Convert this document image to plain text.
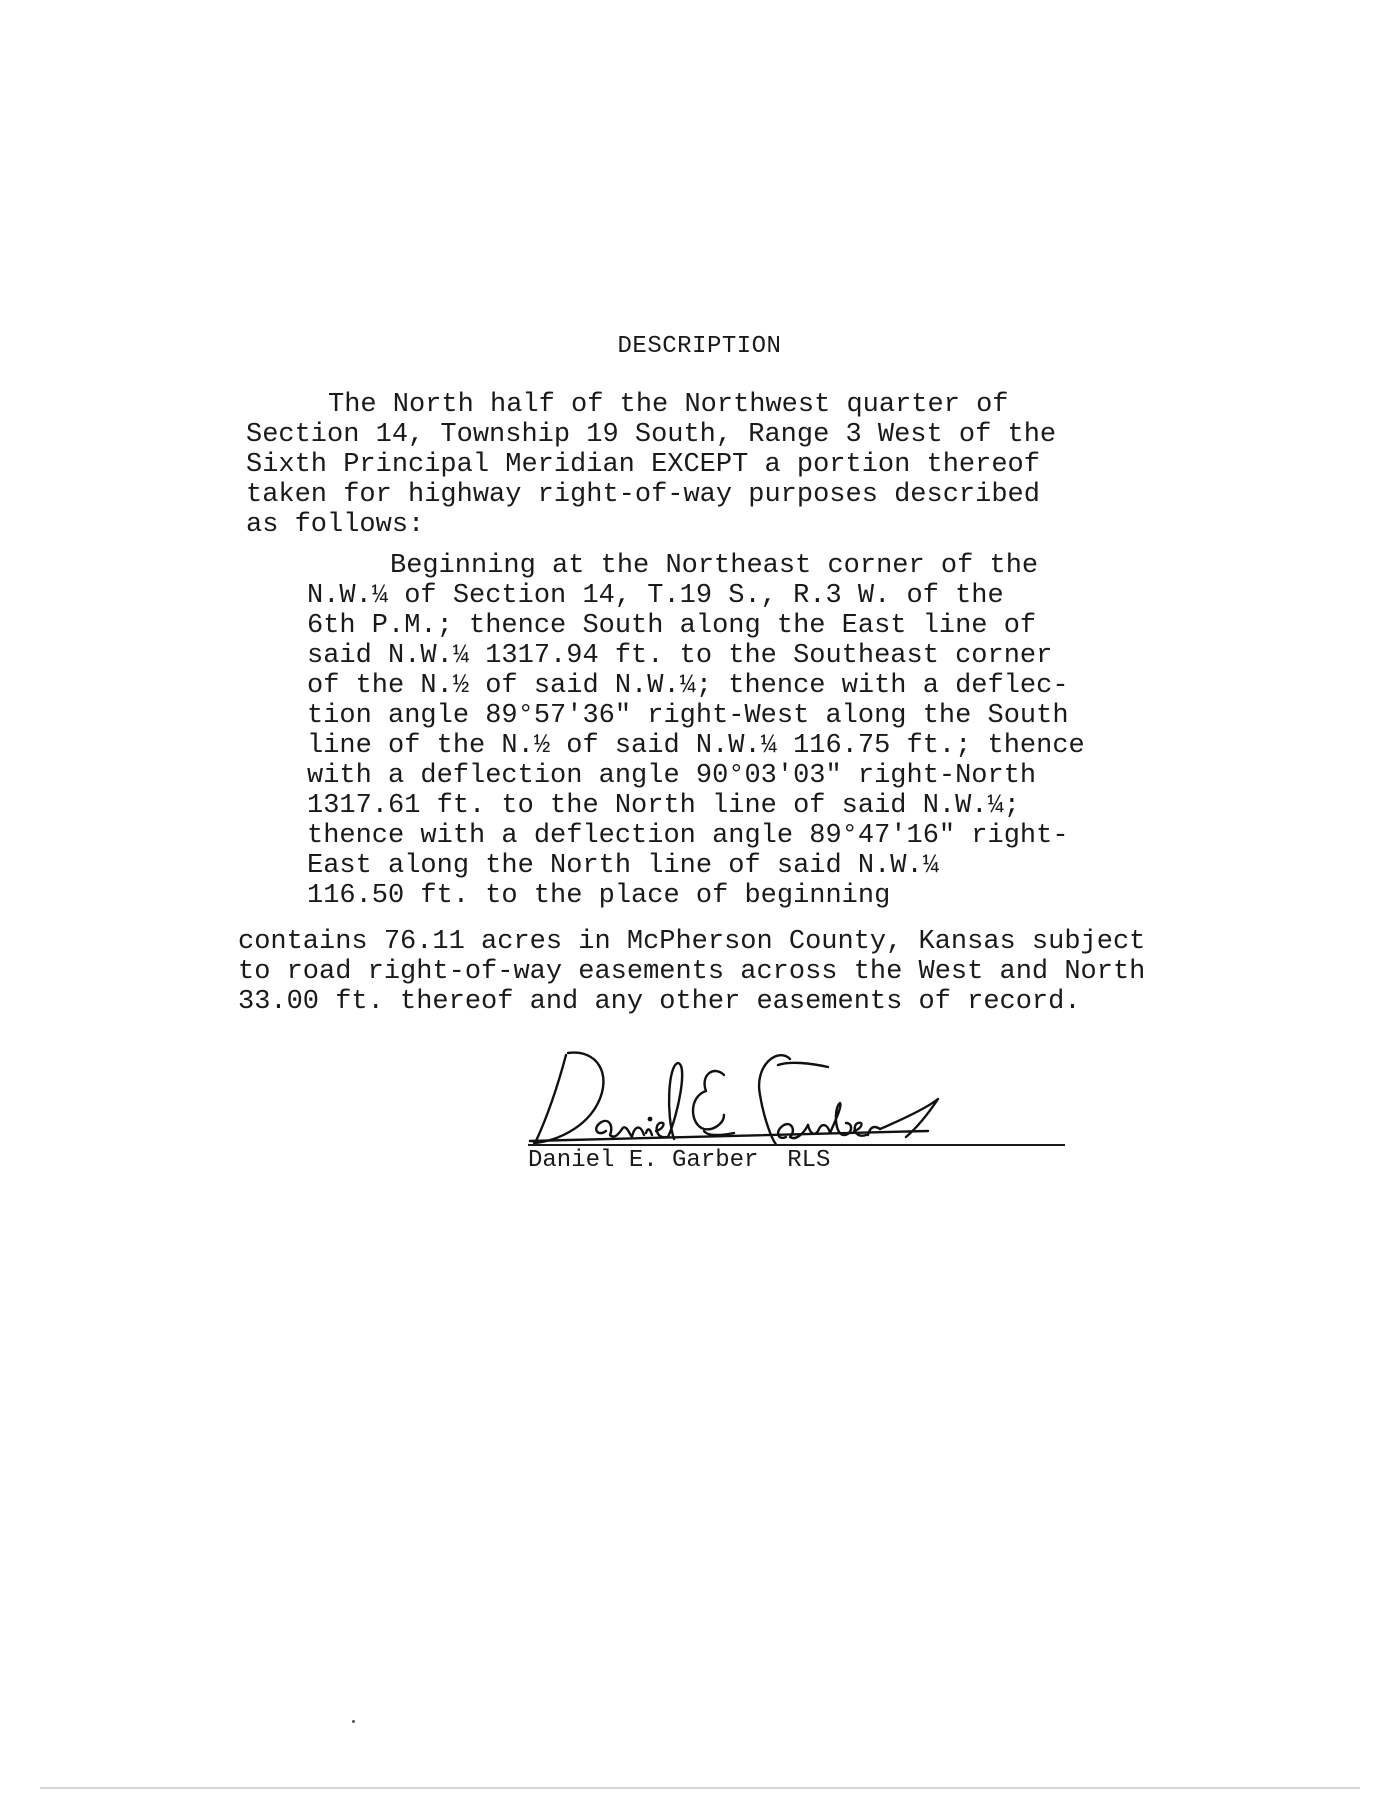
DESCRIPTION
The North half of the Northwest quarter of
Section 14, Township 19 South, Range 3 West of the
Sixth Principal Meridian EXCEPT a portion thereof
taken for highway right-of-way purposes described
as follows:
Beginning at the Northeast corner of the
N.W.¼ of Section 14, T.19 S., R.3 W. of the
6th P.M.; thence South along the East line of
said N.W.¼ 1317.94 ft. to the Southeast corner
of the N.½ of said N.W.¼; thence with a deflec-
tion angle 89°57'36" right-West along the South
line of the N.½ of said N.W.¼ 116.75 ft.; thence
with a deflection angle 90°03'03" right-North
1317.61 ft. to the North line of said N.W.¼;
thence with a deflection angle 89°47'16" right-
East along the North line of said N.W.¼
116.50 ft. to the place of beginning
contains 76.11 acres in McPherson County, Kansas subject
to road right-of-way easements across the West and North
33.00 ft. thereof and any other easements of record.
Daniel E. Garber  RLS
